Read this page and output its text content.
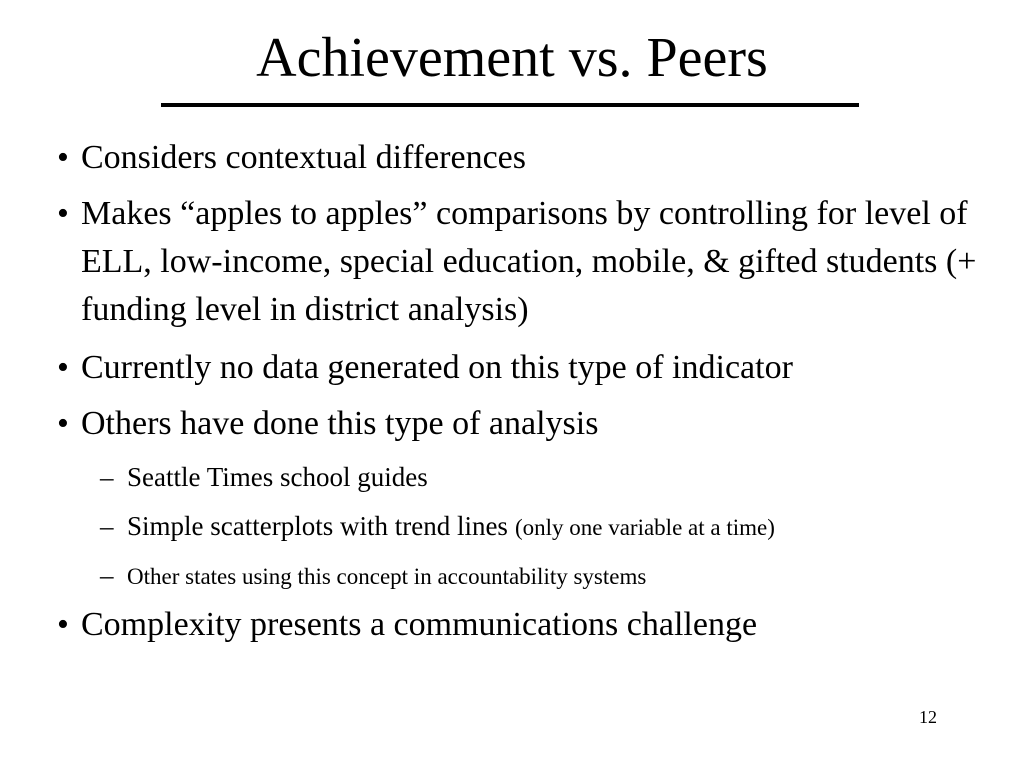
Achievement vs. Peers
• Considers contextual differences
• Makes “apples to apples” comparisons by controlling for level of ELL, low-income, special education, mobile, & gifted students (+ funding level in district analysis)
• Currently no data generated on this type of indicator
• Others have done this type of analysis
– Seattle Times school guides
– Simple scatterplots with trend lines (only one variable at a time)
– Other states using this concept in accountability systems
• Complexity presents a communications challenge
12
